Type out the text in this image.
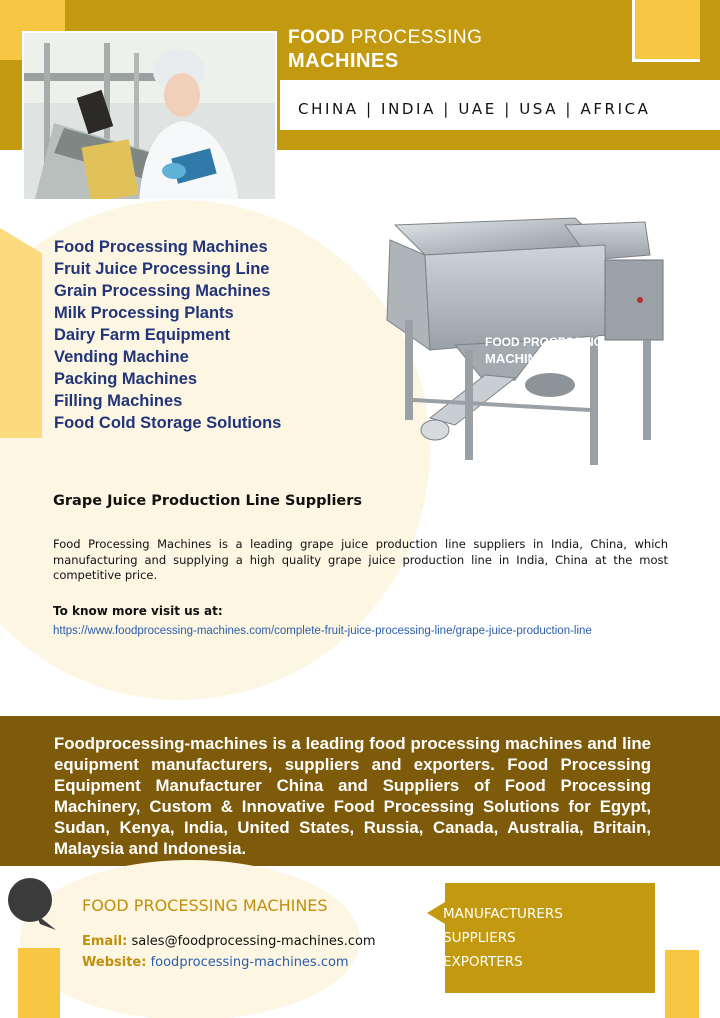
FOOD PROCESSING
MACHINES
CHINA | INDIA | UAE | USA | AFRICA
Food Processing Machines
Fruit Juice Processing Line
Grain Processing Machines
Milk Processing Plants
Dairy Farm Equipment
Vending Machine
Packing Machines
Filling Machines
Food Cold Storage Solutions
FOOD PROCESSING
MACHINES
Grape Juice Production Line Suppliers
Food Processing Machines is a leading grape juice production line suppliers in India, China, which manufacturing and supplying a high quality grape juice production line in India, China at the most competitive price.
To know more visit us at:
https://www.foodprocessing-machines.com/complete-fruit-juice-processing-line/grape-juice-production-line
Foodprocessing-machines is a leading food processing machines and line equipment manufacturers, suppliers and exporters. Food Processing Equipment Manufacturer China and Suppliers of Food Processing Machinery, Custom & Innovative Food Processing Solutions for Egypt, Sudan, Kenya, India, United States, Russia, Canada, Australia, Britain, Malaysia and Indonesia.
FOOD PROCESSING MACHINES
Email: sales@foodprocessing-machines.com
Website: foodprocessing-machines.com
MANUFACTURERS
SUPPLIERS
EXPORTERS
